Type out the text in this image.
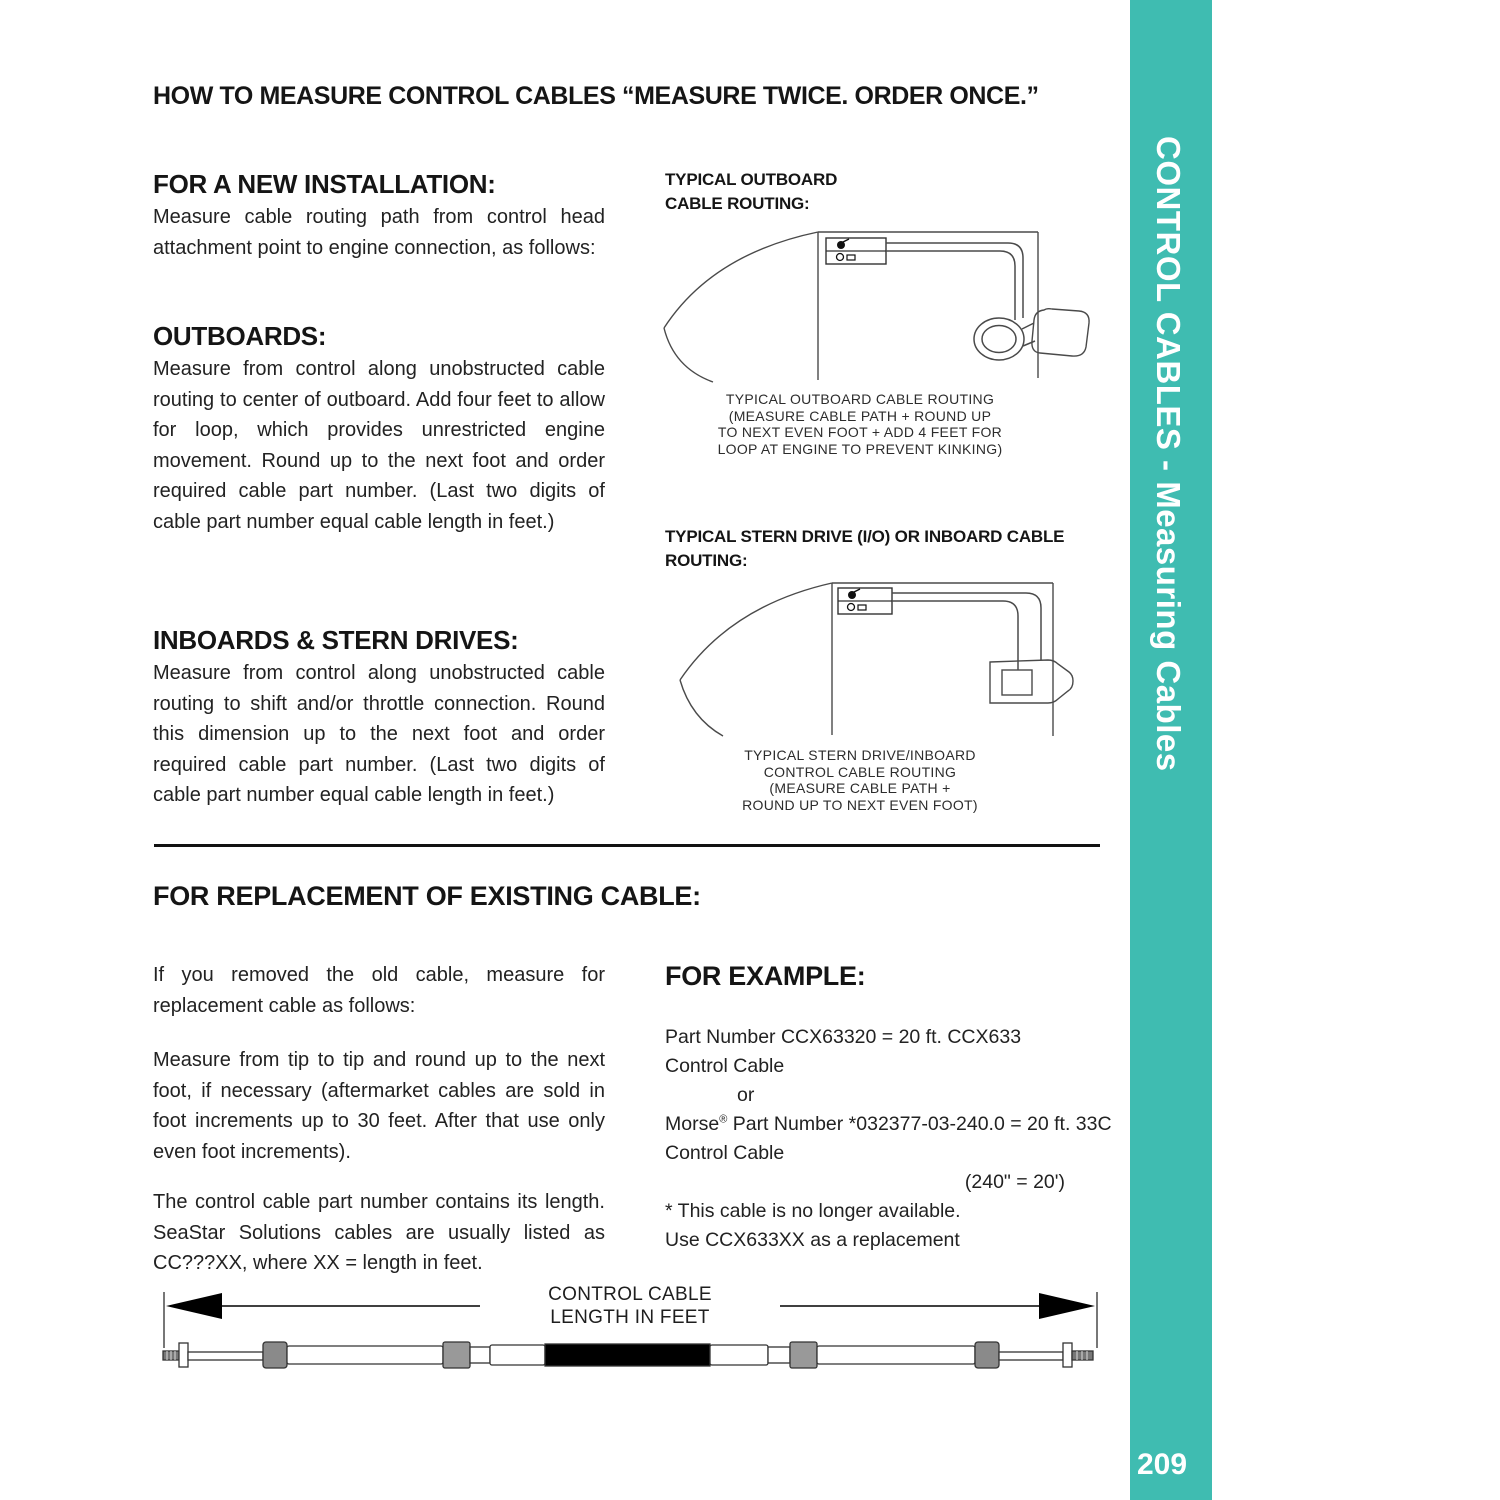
HOW TO MEASURE CONTROL CABLES “MEASURE TWICE. ORDER ONCE.”
FOR A NEW INSTALLATION:
Measure cable routing path from control head attachment point to engine connection, as follows:
OUTBOARDS:
Measure from control along unobstructed cable routing to center of outboard. Add four feet to allow for loop, which provides unrestricted engine movement. Round up to the next foot and order required cable part number. (Last two digits of cable part number equal cable length in feet.)
INBOARDS & STERN DRIVES:
Measure from control along unobstructed cable routing to shift and/or throttle connection. Round this dimension up to the next foot and order required cable part number. (Last two digits of cable part number equal cable length in feet.)
TYPICAL OUTBOARD CABLE ROUTING:
TYPICAL OUTBOARD CABLE ROUTING
(MEASURE CABLE PATH + ROUND UP
TO NEXT EVEN FOOT + ADD 4 FEET FOR
LOOP AT ENGINE TO PREVENT KINKING)
TYPICAL STERN DRIVE (I/O) OR INBOARD CABLE ROUTING:
TYPICAL STERN DRIVE/INBOARD
CONTROL CABLE ROUTING
(MEASURE CABLE PATH +
ROUND UP TO NEXT EVEN FOOT)
FOR REPLACEMENT OF EXISTING CABLE:
If you removed the old cable, measure for replacement cable as follows:
Measure from tip to tip and round up to the next foot, if necessary (aftermarket cables are sold in foot increments up to 30 feet. After that use only even foot increments).
The control cable part number contains its length. SeaStar Solutions cables are usually listed as CC???XX, where XX = length in feet.
FOR EXAMPLE:
Part Number CCX63320 = 20 ft. CCX633
Control Cable
or
Morse® Part Number *032377-03-240.0 = 20 ft. 33C
Control Cable
(240" = 20')
* This cable is no longer available.
Use CCX633XX as a replacement
CONTROL CABLE
LENGTH IN FEET
CONTROL CABLES - Measuring Cables
209
